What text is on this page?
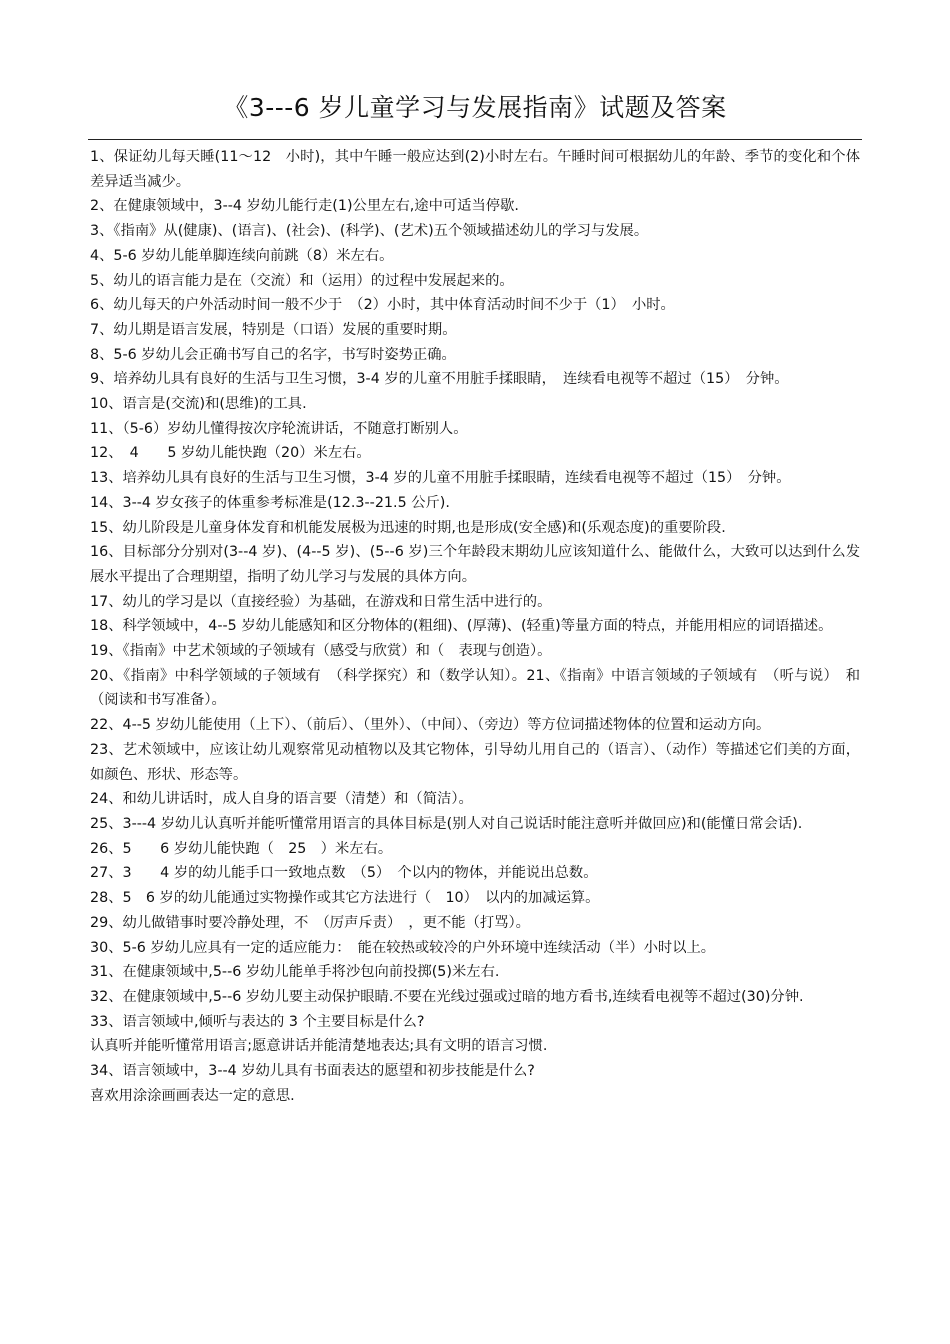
《3---6 岁儿童学习与发展指南》试题及答案

1、保证幼儿每天睡(11～12　小时)，其中午睡一般应达到(2)小时左右。午睡时间可根据幼儿的年龄、季节的变化和个体差异适当减少。

2、在健康领域中，3--4 岁幼儿能行走(1)公里左右,途中可适当停歇.

3、《指南》从(健康)、(语言)、(社会)、(科学)、(艺术)五个领域描述幼儿的学习与发展。

4、5-6 岁幼儿能单脚连续向前跳（8）米左右。

5、幼儿的语言能力是在（交流）和（运用）的过程中发展起来的。

6、幼儿每天的户外活动时间一般不少于　（2）小时，其中体育活动时间不少于（1）　小时。

7、幼儿期是语言发展，特别是（口语）发展的重要时期。

8、5-6 岁幼儿会正确书写自己的名字，书写时姿势正确。

9、培养幼儿具有良好的生活与卫生习惯，3-4 岁的儿童不用脏手揉眼睛，　连续看电视等不超过（15）　分钟。

10、语言是(交流)和(思维)的工具.

11、（5-6）岁幼儿懂得按次序轮流讲话，不随意打断别人。

12、　4　　5 岁幼儿能快跑（20）米左右。

13、培养幼儿具有良好的生活与卫生习惯，3-4 岁的儿童不用脏手揉眼睛，连续看电视等不超过（15）　分钟。

14、3--4 岁女孩子的体重参考标准是(12.3--21.5 公斤).

15、幼儿阶段是儿童身体发育和机能发展极为迅速的时期,也是形成(安全感)和(乐观态度)的重要阶段.

16、目标部分分别对(3--4 岁)、(4--5 岁)、(5--6 岁)三个年龄段末期幼儿应该知道什么、能做什么，大致可以达到什么发展水平提出了合理期望，指明了幼儿学习与发展的具体方向。

17、幼儿的学习是以（直接经验）为基础，在游戏和日常生活中进行的。

18、科学领域中，4--5 岁幼儿能感知和区分物体的(粗细)、(厚薄)、(轻重)等量方面的特点，并能用相应的词语描述。

19、《指南》中艺术领域的子领域有（感受与欣赏）和（　表现与创造）。

20、《指南》中科学领域的子领域有　（科学探究）和（数学认知）。21、《指南》中语言领域的子领域有　（听与说）　和　（阅读和书写准备）。

22、4--5 岁幼儿能使用（上下）、（前后）、（里外）、（中间）、（旁边）等方位词描述物体的位置和运动方向。

23、艺术领域中，应该让幼儿观察常见动植物以及其它物体，引导幼儿用自己的（语言）、（动作）等描述它们美的方面，如颜色、形状、形态等。

24、和幼儿讲话时，成人自身的语言要（清楚）和（简洁）。

25、3---4 岁幼儿认真听并能听懂常用语言的具体目标是(别人对自己说话时能注意听并做回应)和(能懂日常会话).

26、5　　6 岁幼儿能快跑（　25　）米左右。

27、3　　4 岁的幼儿能手口一致地点数　（5）　个以内的物体，并能说出总数。

28、5　6 岁的幼儿能通过实物操作或其它方法进行（　10）　以内的加减运算。

29、幼儿做错事时要冷静处理，不　（厉声斥责）　，更不能（打骂）。

30、5-6 岁幼儿应具有一定的适应能力：　能在较热或较冷的户外环境中连续活动（半）小时以上。

31、在健康领域中,5--6 岁幼儿能单手将沙包向前投掷(5)米左右.

32、在健康领域中,5--6 岁幼儿要主动保护眼睛.不要在光线过强或过暗的地方看书,连续看电视等不超过(30)分钟.

33、语言领域中,倾听与表达的 3 个主要目标是什么?

认真听并能听懂常用语言;愿意讲话并能清楚地表达;具有文明的语言习惯.

34、语言领域中，3--4 岁幼儿具有书面表达的愿望和初步技能是什么?

喜欢用涂涂画画表达一定的意思.
